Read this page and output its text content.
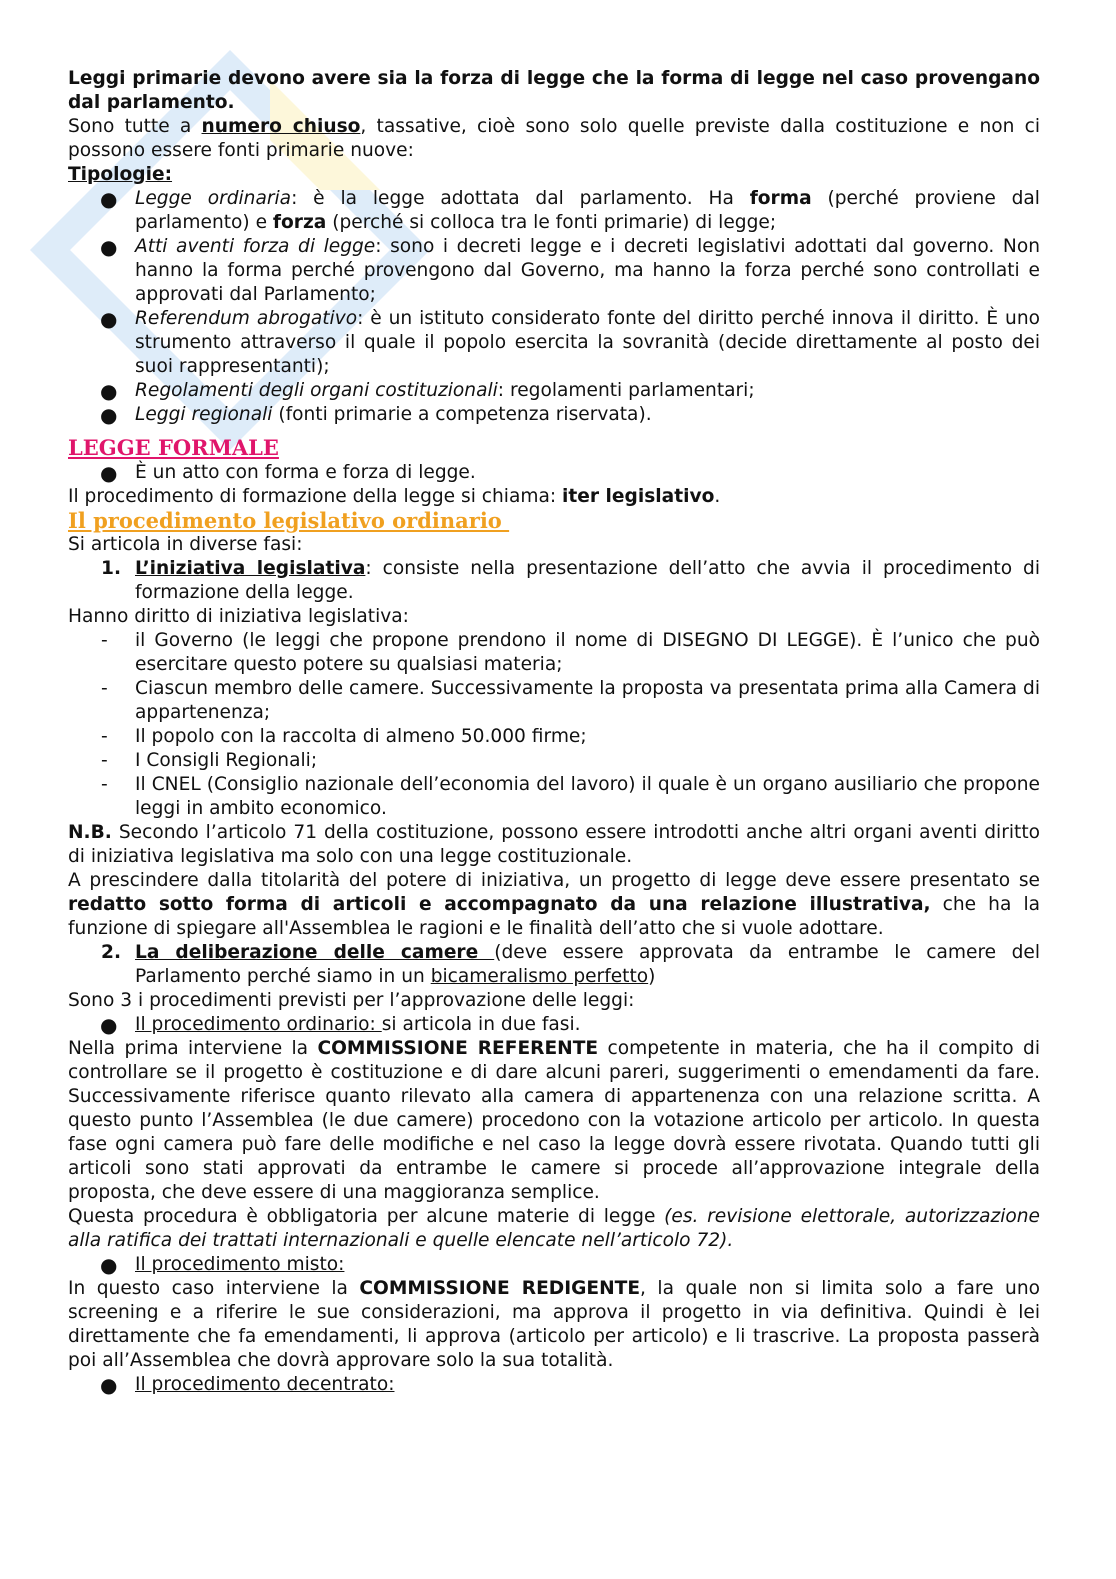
Leggi primarie devono avere sia la forza di legge che la forma di legge nel caso provengano dal parlamento.
Sono tutte a numero chiuso, tassative, cioè sono solo quelle previste dalla costituzione e non ci possono essere fonti primarie nuove:
Tipologie:
● Legge ordinaria: è la legge adottata dal parlamento. Ha forma (perché proviene dal parlamento) e forza (perché si colloca tra le fonti primarie) di legge;
● Atti aventi forza di legge: sono i decreti legge e i decreti legislativi adottati dal governo. Non hanno la forma perché provengono dal Governo, ma hanno la forza perché sono controllati e approvati dal Parlamento;
● Referendum abrogativo: è un istituto considerato fonte del diritto perché innova il diritto. È uno strumento attraverso il quale il popolo esercita la sovranità (decide direttamente al posto dei suoi rappresentanti);
● Regolamenti degli organi costituzionali: regolamenti parlamentari;
● Leggi regionali (fonti primarie a competenza riservata).
LEGGE FORMALE
● È un atto con forma e forza di legge.
Il procedimento di formazione della legge si chiama: iter legislativo.
Il procedimento legislativo ordinario
Si articola in diverse fasi:
1. L’iniziativa legislativa: consiste nella presentazione dell’atto che avvia il procedimento di formazione della legge.
Hanno diritto di iniziativa legislativa:
- il Governo (le leggi che propone prendono il nome di DISEGNO DI LEGGE). È l’unico che può esercitare questo potere su qualsiasi materia;
- Ciascun membro delle camere. Successivamente la proposta va presentata prima alla Camera di appartenenza;
- Il popolo con la raccolta di almeno 50.000 firme;
- I Consigli Regionali;
- Il CNEL (Consiglio nazionale dell’economia del lavoro) il quale è un organo ausiliario che propone leggi in ambito economico.
N.B. Secondo l’articolo 71 della costituzione, possono essere introdotti anche altri organi aventi diritto di iniziativa legislativa ma solo con una legge costituzionale.
A prescindere dalla titolarità del potere di iniziativa, un progetto di legge deve essere presentato se redatto sotto forma di articoli e accompagnato da una relazione illustrativa, che ha la funzione di spiegare all'Assemblea le ragioni e le finalità dell’atto che si vuole adottare.
2. La deliberazione delle camere (deve essere approvata da entrambe le camere del Parlamento perché siamo in un bicameralismo perfetto)
Sono 3 i procedimenti previsti per l’approvazione delle leggi:
● Il procedimento ordinario: si articola in due fasi.
Nella prima interviene la COMMISSIONE REFERENTE competente in materia, che ha il compito di controllare se il progetto è costituzione e di dare alcuni pareri, suggerimenti o emendamenti da fare. Successivamente riferisce quanto rilevato alla camera di appartenenza con una relazione scritta. A questo punto l’Assemblea (le due camere) procedono con la votazione articolo per articolo. In questa fase ogni camera può fare delle modifiche e nel caso la legge dovrà essere rivotata. Quando tutti gli articoli sono stati approvati da entrambe le camere si procede all’approvazione integrale della proposta, che deve essere di una maggioranza semplice.
Questa procedura è obbligatoria per alcune materie di legge (es. revisione elettorale, autorizzazione alla ratifica dei trattati internazionali e quelle elencate nell’articolo 72).
● Il procedimento misto:
In questo caso interviene la COMMISSIONE REDIGENTE, la quale non si limita solo a fare uno screening e a riferire le sue considerazioni, ma approva il progetto in via definitiva. Quindi è lei direttamente che fa emendamenti, li approva (articolo per articolo) e li trascrive. La proposta passerà poi all’Assemblea che dovrà approvare solo la sua totalità.
● Il procedimento decentrato:
